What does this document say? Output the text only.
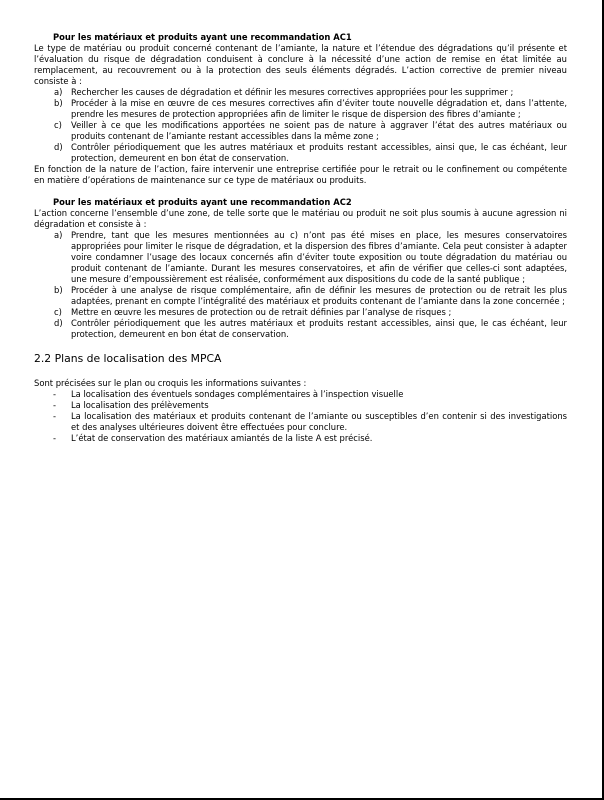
Pour les matériaux et produits ayant une recommandation AC1
Le type de matériau ou produit concerné contenant de l’amiante, la nature et l’étendue des dégradations qu’il présente et l’évaluation du risque de dégradation conduisent à conclure à la nécessité d’une action de remise en état limitée au remplacement, au recouvrement ou à la protection des seuls éléments dégradés. L’action corrective de premier niveau consiste à :
a)	Rechercher les causes de dégradation et définir les mesures correctives appropriées pour les supprimer ;
b)	Procéder à la mise en œuvre de ces mesures correctives afin d’éviter toute nouvelle dégradation et, dans l’attente, prendre les mesures de protection appropriées afin de limiter le risque de dispersion des fibres d’amiante ;
c)	Veiller à ce que les modifications apportées ne soient pas de nature à aggraver l’état des autres matériaux ou produits contenant de l’amiante restant accessibles dans la même zone ;
d)	Contrôler périodiquement que les autres matériaux et produits restant accessibles, ainsi que, le cas échéant, leur protection, demeurent en bon état de conservation.
En fonction de la nature de l’action, faire intervenir une entreprise certifiée pour le retrait ou le confinement ou compétente en matière d’opérations de maintenance sur ce type de matériaux ou produits.
Pour les matériaux et produits ayant une recommandation AC2
L’action concerne l’ensemble d’une zone, de telle sorte que le matériau ou produit ne soit plus soumis à aucune agression ni dégradation et consiste à :
a)	Prendre, tant que les mesures mentionnées au c) n’ont pas été mises en place, les mesures conservatoires appropriées pour limiter le risque de dégradation, et la dispersion des fibres d’amiante. Cela peut consister à adapter voire condamner l’usage des locaux concernés afin d’éviter toute exposition ou toute dégradation du matériau ou produit contenant de l’amiante. Durant les mesures conservatoires, et afin de vérifier que celles-ci sont adaptées, une mesure d’empoussièrement est réalisée, conformément aux dispositions du code de la santé publique ;
b)	Procéder à une analyse de risque complémentaire, afin de définir les mesures de protection ou de retrait les plus adaptées, prenant en compte l’intégralité des matériaux et produits contenant de l’amiante dans la zone concernée ;
c)	Mettre en œuvre les mesures de protection ou de retrait définies par l’analyse de risques ;
d)	Contrôler périodiquement que les autres matériaux et produits restant accessibles, ainsi que, le cas échéant, leur protection, demeurent en bon état de conservation.
2.2 Plans de localisation des MPCA
Sont précisées sur le plan ou croquis les informations suivantes :
-	La localisation des éventuels sondages complémentaires à l’inspection visuelle
-	La localisation des prélèvements
-	La localisation des matériaux et produits contenant de l’amiante ou susceptibles d’en contenir si des investigations et des analyses ultérieures doivent être effectuées pour conclure.
-	L’état de conservation des matériaux amiantés de la liste A est précisé.
